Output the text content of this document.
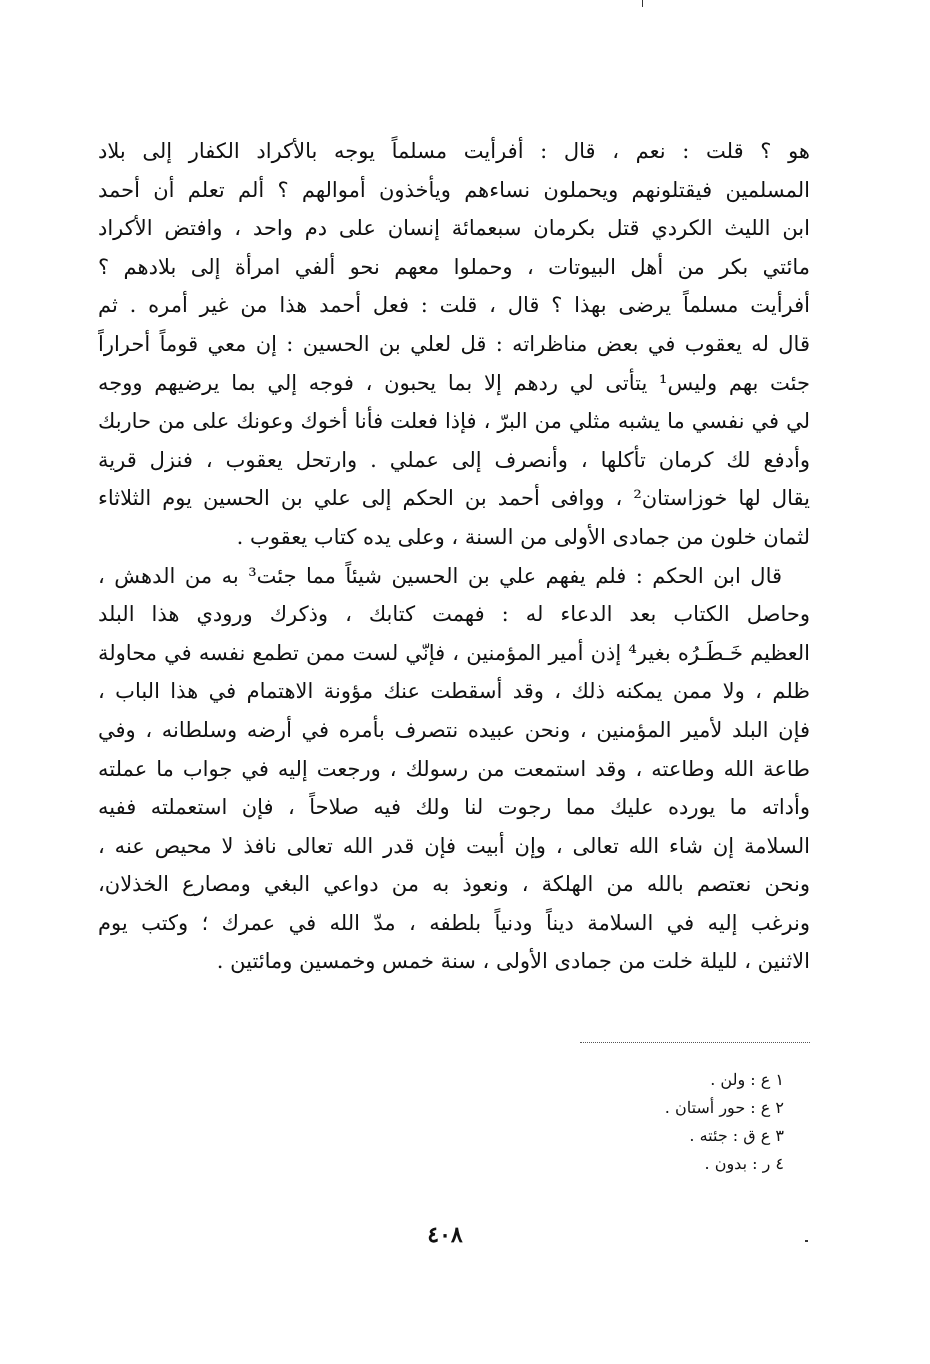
هو ؟ قلت : نعم ، قال : أفرأيت مسلماً يوجه بالأكراد الكفار إلى بلاد
المسلمين فيقتلونهم ويحملون نساءهم ويأخذون أموالهم ؟ ألم تعلم أن أحمد
ابن الليث الكردي قتل بكرمان سبعمائة إنسان على دم واحد ، وافتض الأكراد
مائتي بكر من أهل البيوتات ، وحملوا معهم نحو ألفي امرأة إلى بلادهم ؟
أفرأيت مسلماً يرضى بهذا ؟ قال ، قلت : فعل أحمد هذا من غير أمره . ثم
قال له يعقوب في بعض مناظراته : قل لعلي بن الحسين : إن معي قوماً أحراراً
جئت بهم وليس¹ يتأتى لي ردهم إلا بما يحبون ، فوجه إلي بما يرضيهم ووجه
لي في نفسي ما يشبه مثلي من البرّ ، فإذا فعلت فأنا أخوك وعونك على من حاربك
وأدفع لك كرمان تأكلها ، وأنصرف إلى عملي . وارتحل يعقوب ، فنزل قرية
يقال لها خوزاستان² ، ووافى أحمد بن الحكم إلى علي بن الحسين يوم الثلاثاء
لثمان خلون من جمادى الأولى من السنة ، وعلى يده كتاب يعقوب .
قال ابن الحكم : فلم يفهم علي بن الحسين شيئاً مما جئت³ به من الدهش ،
وحاصل الكتاب بعد الدعاء له : فهمت كتابك ، وذكرك ورودي هذا البلد
العظيم خَـطَـرُه بغير⁴ إذن أمير المؤمنين ، فإنّي لست ممن تطمع نفسه في محاولة
ظلم ، ولا ممن يمكنه ذلك ، وقد أسقطت عنك مؤونة الاهتمام في هذا الباب ،
فإن البلد لأمير المؤمنين ، ونحن عبيده نتصرف بأمره في أرضه وسلطانه ، وفي
طاعة الله وطاعته ، وقد استمعت من رسولك ، ورجعت إليه في جواب ما عملته
وأداته ما يورده عليك مما رجوت لنا ولك فيه صلاحاً ، فإن استعملته ففيه
السلامة إن شاء الله تعالى ، وإن أبيت فإن قدر الله تعالى نافذ لا محيص عنه ،
ونحن نعتصم بالله من الهلكة ، ونعوذ به من دواعي البغي ومصارع الخذلان،
ونرغب إليه في السلامة ديناً ودنياً بلطفه ، مدّ الله في عمرك ؛ وكتب يوم
الاثنين ، لليلة خلت من جمادى الأولى ، سنة خمس وخمسين ومائتين .
١ ع : ولن .
٢ ع : حور أستان .
٣ ع ق : جئته .
٤ ر : بدون .
٤٠٨
